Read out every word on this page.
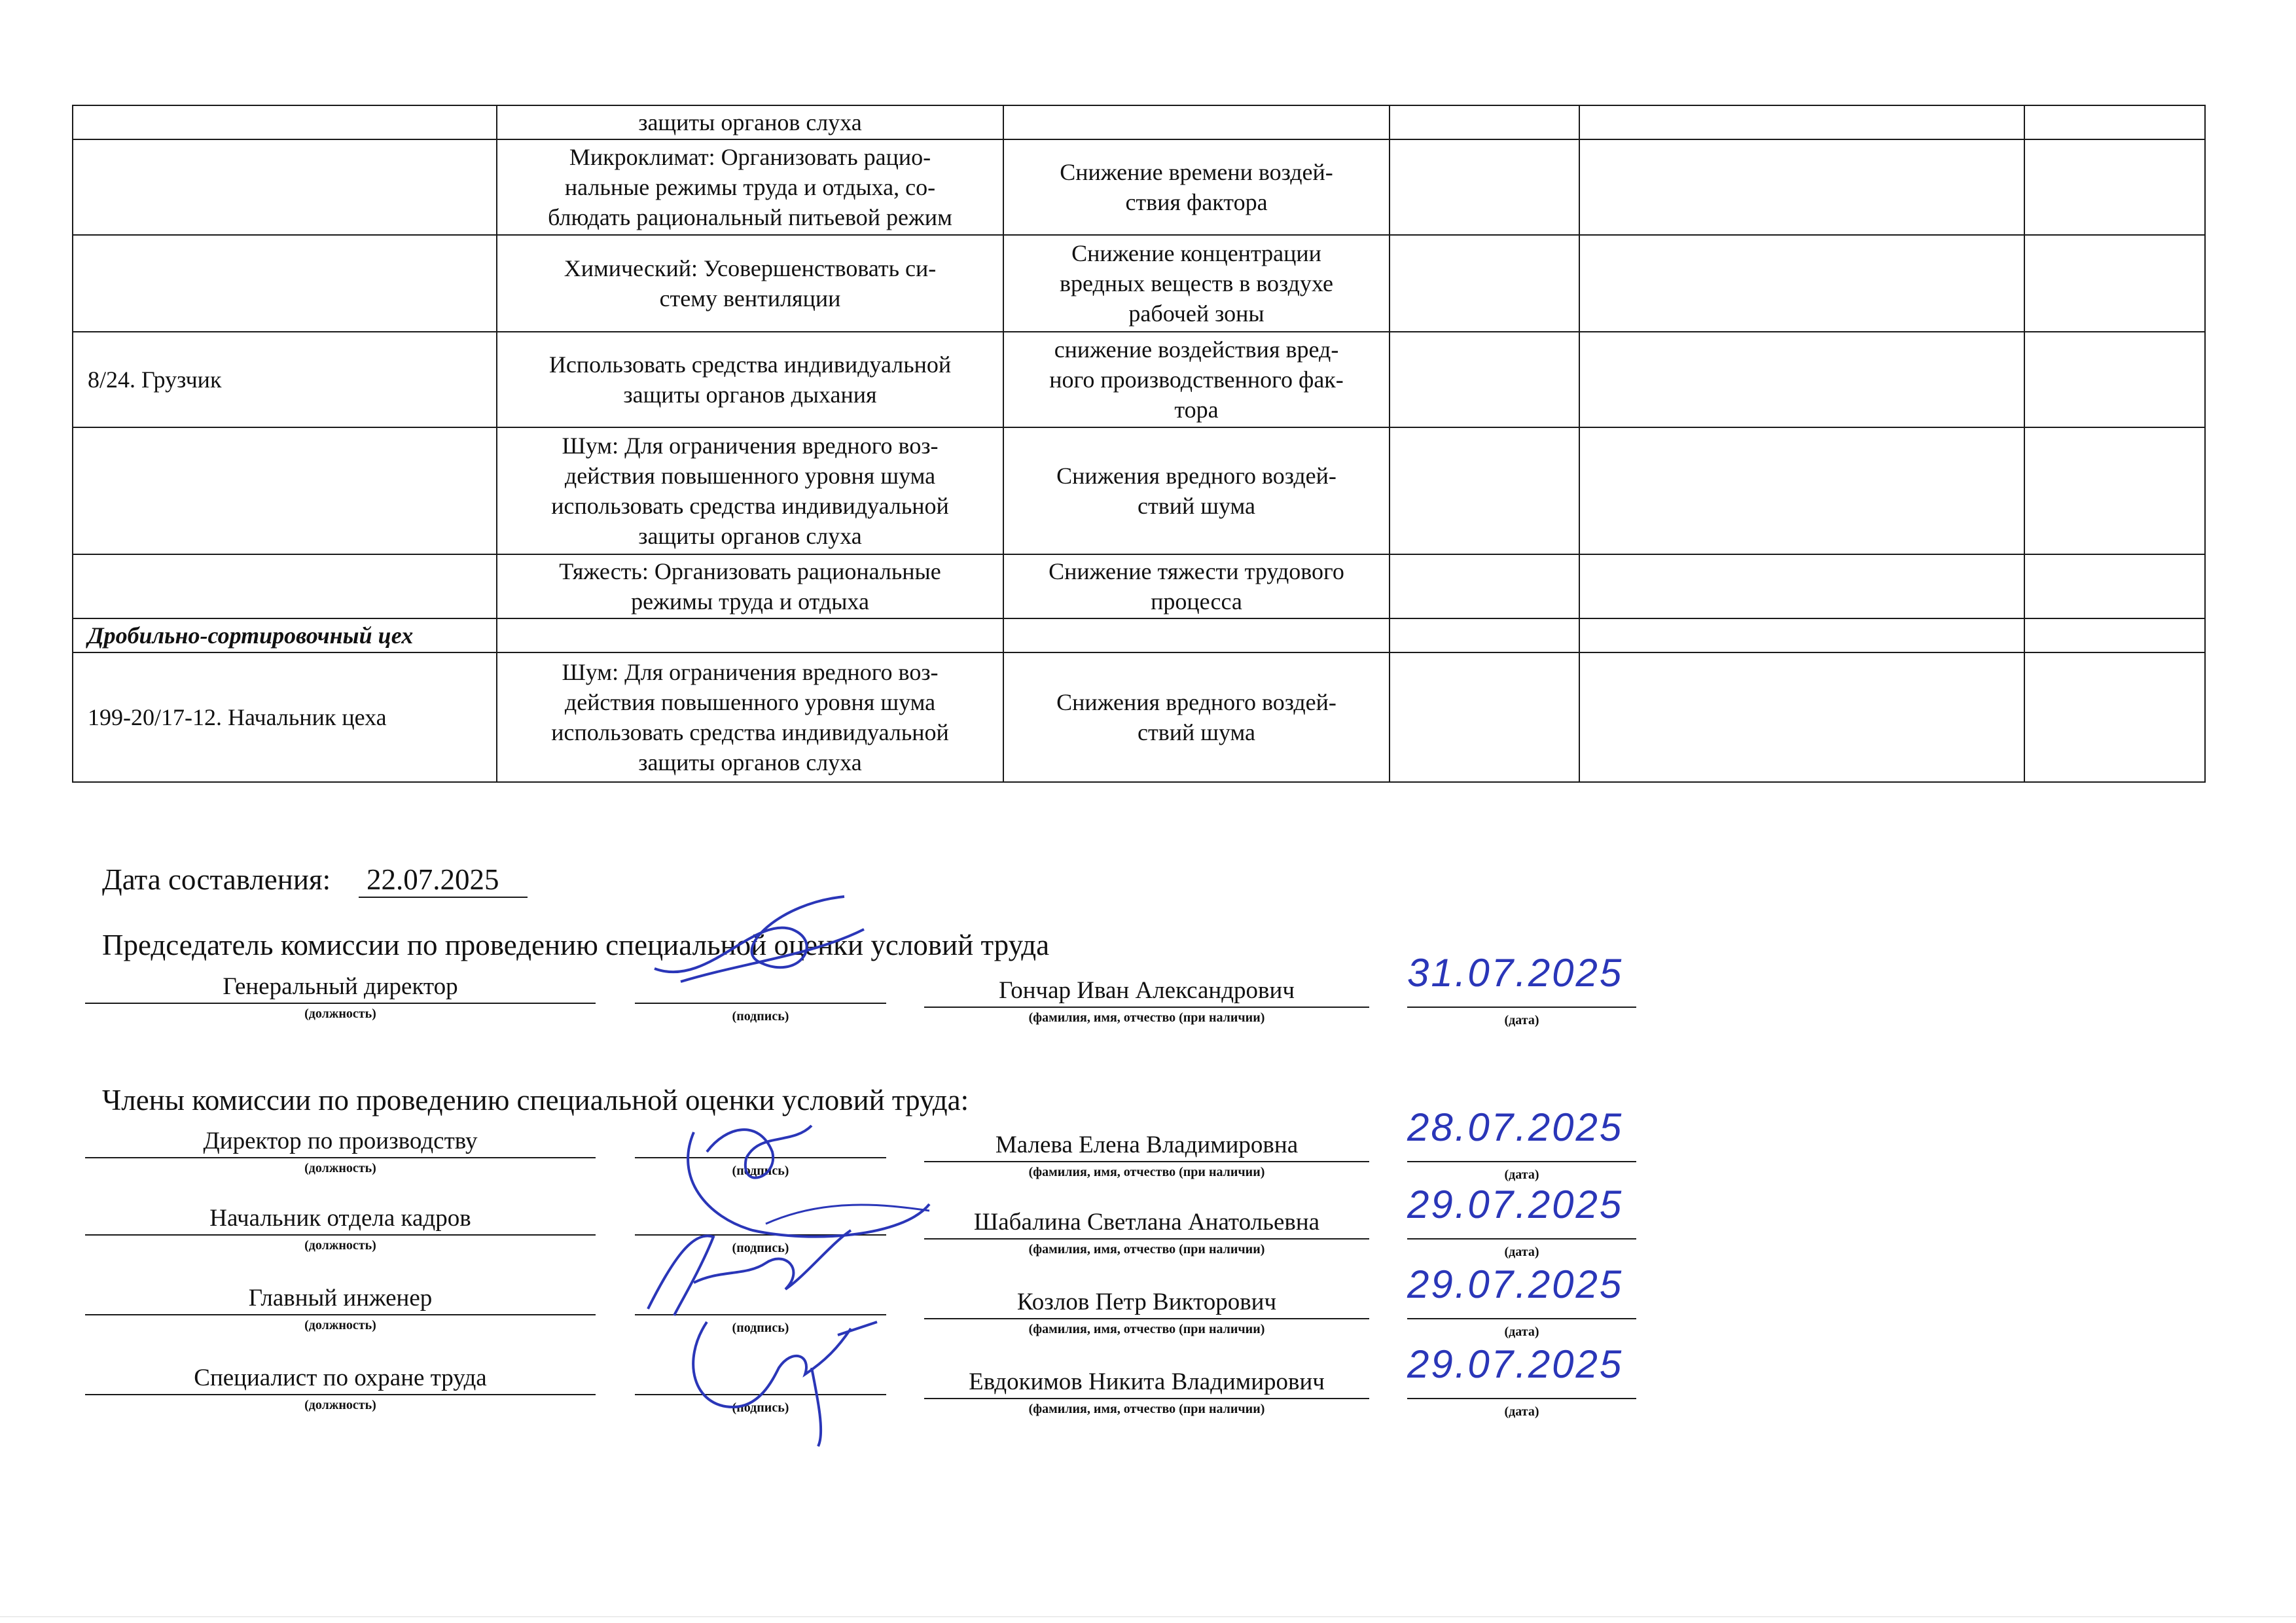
	защиты органов слуха				

	Микроклимат: Организовать рацио-
нальные режимы труда и отдыха, со-
блюдать рациональный питьевой режим	Снижение времени воздей-
ствия фактора			

	Химический: Усовершенствовать си-
стему вентиляции	Снижение концентрации
вредных веществ в воздухе
рабочей зоны			

8/24. Грузчик	Использовать средства индивидуальной
защиты органов дыхания	снижение воздействия вред-
ного производственного фак-
тора			

	Шум: Для ограничения вредного воз-
действия повышенного уровня шума
использовать средства индивидуальной
защиты органов слуха	Снижения вредного воздей-
ствий шума			

	Тяжесть: Организовать рациональные
режимы труда и отдыха	Снижение тяжести трудового
процесса			

Дробильно-сортировочный цех					
199-20/17-12. Начальник цеха	Шум: Для ограничения вредного воз-
действия повышенного уровня шума
использовать средства индивидуальной
защиты органов слуха	Снижения вредного воздей-
ствий шума			

Дата составления: 22.07.2025
Председатель комиссии по проведению специальной оценки условий труда
Генеральный директор	Гончар Иван Александрович	31.07.2025
(должность)	(подпись)	(фамилия, имя, отчество (при наличии)	(дата)
Члены комиссии по проведению специальной оценки условий труда:
Директор по производству	Малева Елена Владимировна	28.07.2025
(должность)	(подпись)	(фамилия, имя, отчество (при наличии)	(дата)
Начальник отдела кадров	Шабалина Светлана Анатольевна	29.07.2025
(должность)	(подпись)	(фамилия, имя, отчество (при наличии)	(дата)
Главный инженер	Козлов Петр Викторович	29.07.2025
(должность)	(подпись)	(фамилия, имя, отчество (при наличии)	(дата)
Специалист по охране труда	Евдокимов Никита Владимирович	29.07.2025
(должность)	(подпись)	(фамилия, имя, отчество (при наличии)	(дата)
